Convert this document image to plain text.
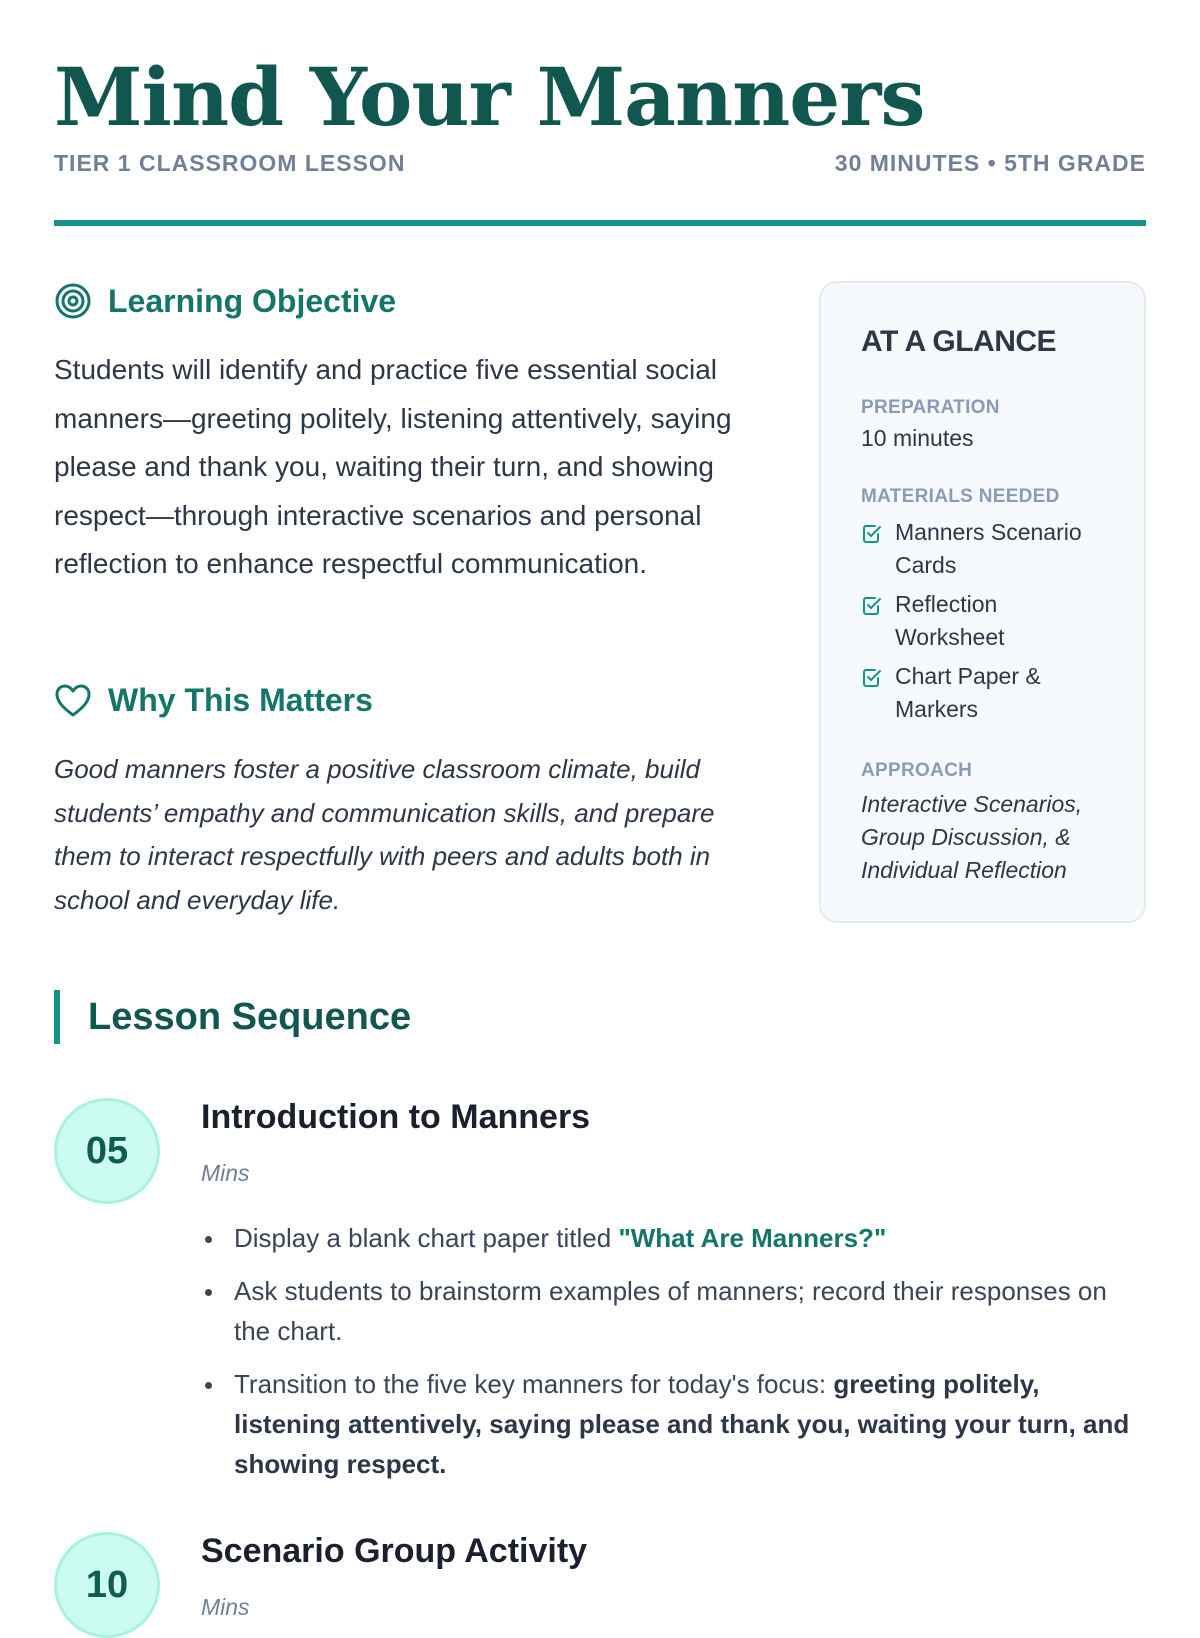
Mind Your Manners
TIER 1 CLASSROOM LESSON	30 MINUTES • 5TH GRADE
Learning Objective

Students will identify and practice five essential social manners—greeting politely, listening attentively, saying please and thank you, waiting their turn, and showing respect—through interactive scenarios and personal reflection to enhance respectful communication.

Why This Matters

Good manners foster a positive classroom climate, build students’ empathy and communication skills, and prepare them to interact respectfully with peers and adults both in school and everyday life.

AT A GLANCE
PREPARATION
10 minutes
MATERIALS NEEDED
Manners Scenario Cards
Reflection Worksheet
Chart Paper & Markers
APPROACH
Interactive Scenarios, Group Discussion, & Individual Reflection
Lesson Sequence
05
Introduction to Manners
Mins
Display a blank chart paper titled "What Are Manners?"
Ask students to brainstorm examples of manners; record their responses on the chart.
Transition to the five key manners for today's focus: greeting politely, listening attentively, saying please and thank you, waiting your turn, and showing respect.
10
Scenario Group Activity
Mins
